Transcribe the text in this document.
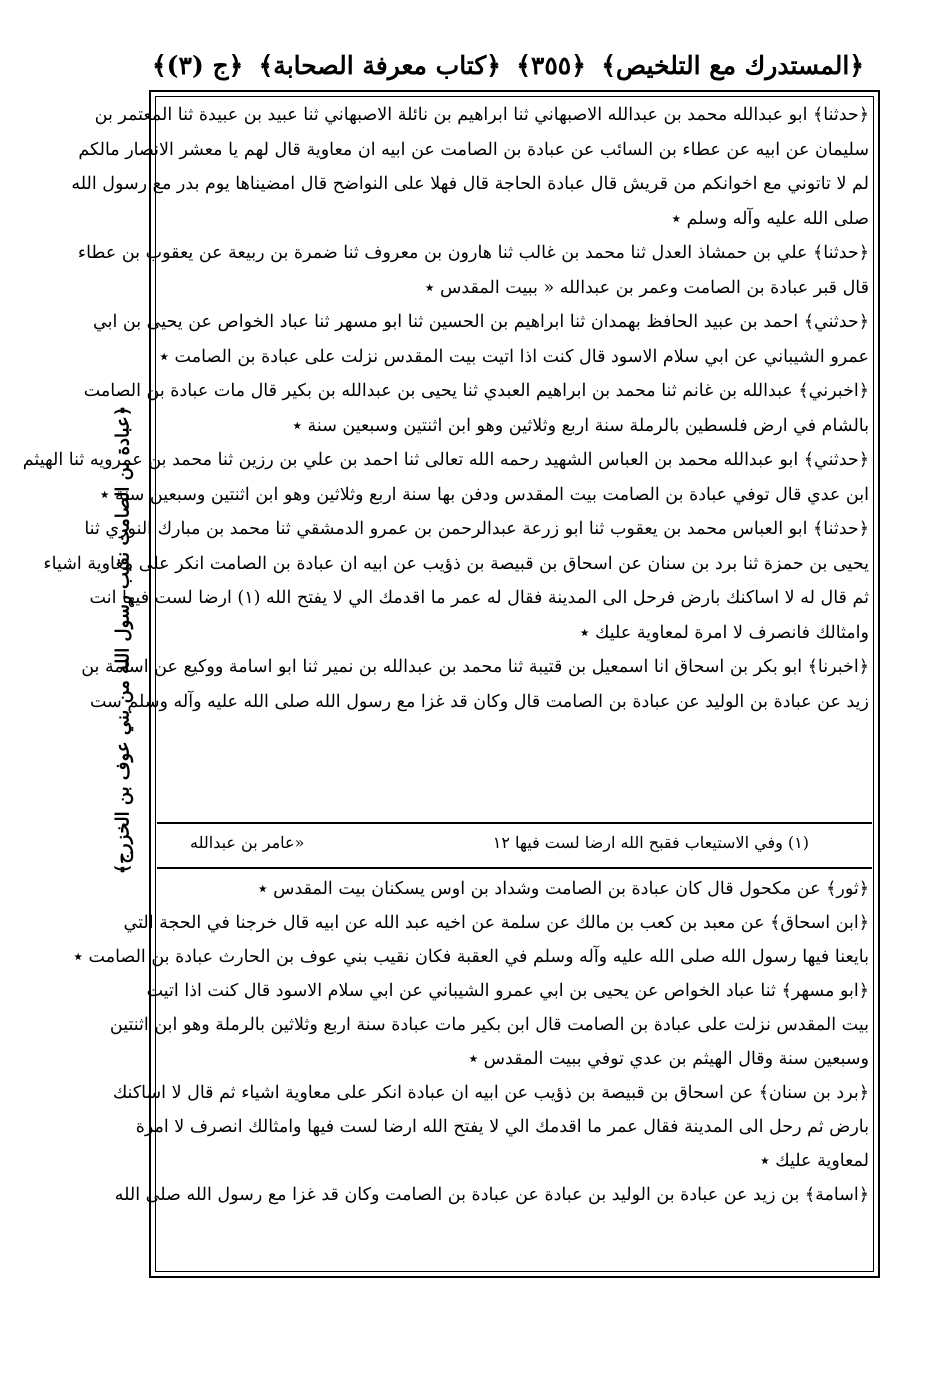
﴿المستدرك مع التلخيص﴾
﴿٣٥٥﴾
﴿كتاب معرفة الصحابة﴾
﴿ج (٣)﴾
﴿عبادة بن الصامت نقيب رسول الله من بني عوف بن الخزرج﴾
﴿حدثنا﴾ ابو عبدالله محمد بن عبدالله الاصبهاني ثنا ابراهيم بن نائلة الاصبهاني ثنا عبيد بن عبيدة ثنا المعتمر بن
سليمان عن ابيه عن عطاء بن السائب عن عبادة بن الصامت عن ابيه ان معاوية قال لهم يا معشر الانصار مالكم
لم لا تاتوني مع اخوانكم من قريش قال عبادة الحاجة قال فهلا على النواضح قال امضيناها يوم بدر مع رسول الله
صلى الله عليه وآله وسلم ٭
﴿حدثنا﴾ علي بن حمشاذ العدل ثنا محمد بن غالب ثنا هارون بن معروف ثنا ضمرة بن ربيعة عن يعقوب بن عطاء
قال قبر عبادة بن الصامت وعمر بن عبدالله « ببيت المقدس ٭
﴿حدثني﴾ احمد بن عبيد الحافظ بهمدان ثنا ابراهيم بن الحسين ثنا ابو مسهر ثنا عباد الخواص عن يحيى بن ابي
عمرو الشيباني عن ابي سلام الاسود قال كنت اذا اتيت بيت المقدس نزلت على عبادة بن الصامت ٭
﴿اخبرني﴾ عبدالله بن غانم ثنا محمد بن ابراهيم العبدي ثنا يحيى بن عبدالله بن بكير قال مات عبادة بن الصامت
بالشام في ارض فلسطين بالرملة سنة اربع وثلاثين وهو ابن اثنتين وسبعين سنة ٭
﴿حدثني﴾ ابو عبدالله محمد بن العباس الشهيد رحمه الله تعالى ثنا احمد بن علي بن رزين ثنا محمد بن عمرويه ثنا الهيثم
ابن عدي قال توفي عبادة بن الصامت بيت المقدس ودفن بها سنة اربع وثلاثين وهو ابن اثنتين وسبعين سنة ٭
﴿حدثنا﴾ ابو العباس محمد بن يعقوب ثنا ابو زرعة عبدالرحمن بن عمرو الدمشقي ثنا محمد بن مبارك النوري ثنا
يحيى بن حمزة ثنا برد بن سنان عن اسحاق بن قبيصة بن ذؤيب عن ابيه ان عبادة بن الصامت انكر على معاوية اشياء
ثم قال له لا اساكنك بارض فرحل الى المدينة فقال له عمر ما اقدمك الي لا يفتح الله (١) ارضا لست فيها انت
وامثالك فانصرف لا امرة لمعاوية عليك ٭
﴿اخبرنا﴾ ابو بكر بن اسحاق انا اسمعيل بن قتيبة ثنا محمد بن عبدالله بن نمير ثنا ابو اسامة ووكيع عن اسامة بن
زيد عن عبادة بن الوليد عن عبادة بن الصامت قال وكان قد غزا مع رسول الله صلى الله عليه وآله وسلم ست
(١) وفي الاستيعاب فقبح الله ارضا لست فيها ١٢
«عامر بن عبدالله
﴿ثور﴾ عن مكحول قال كان عبادة بن الصامت وشداد بن اوس يسكنان بيت المقدس ٭
﴿ابن اسحاق﴾ عن معبد بن كعب بن مالك عن سلمة عن اخيه عبد الله عن ابيه قال خرجنا في الحجة التي
بايعنا فيها رسول الله صلى الله عليه وآله وسلم في العقبة فكان نقيب بني عوف بن الحارث عبادة بن الصامت ٭
﴿ابو مسهر﴾ ثنا عباد الخواص عن يحيى بن ابي عمرو الشيباني عن ابي سلام الاسود قال كنت اذا اتيت
بيت المقدس نزلت على عبادة بن الصامت قال ابن بكير مات عبادة سنة اربع وثلاثين بالرملة وهو ابن اثنتين
وسبعين سنة وقال الهيثم بن عدي توفي ببيت المقدس ٭
﴿برد بن سنان﴾ عن اسحاق بن قبيصة بن ذؤيب عن ابيه ان عبادة انكر على معاوية اشياء ثم قال لا اساكنك
بارض ثم رحل الى المدينة فقال عمر ما اقدمك الي لا يفتح الله ارضا لست فيها وامثالك انصرف لا امرة
لمعاوية عليك ٭
﴿اسامة﴾ بن زيد عن عبادة بن الوليد بن عبادة عن عبادة بن الصامت وكان قد غزا مع رسول الله صلى الله
